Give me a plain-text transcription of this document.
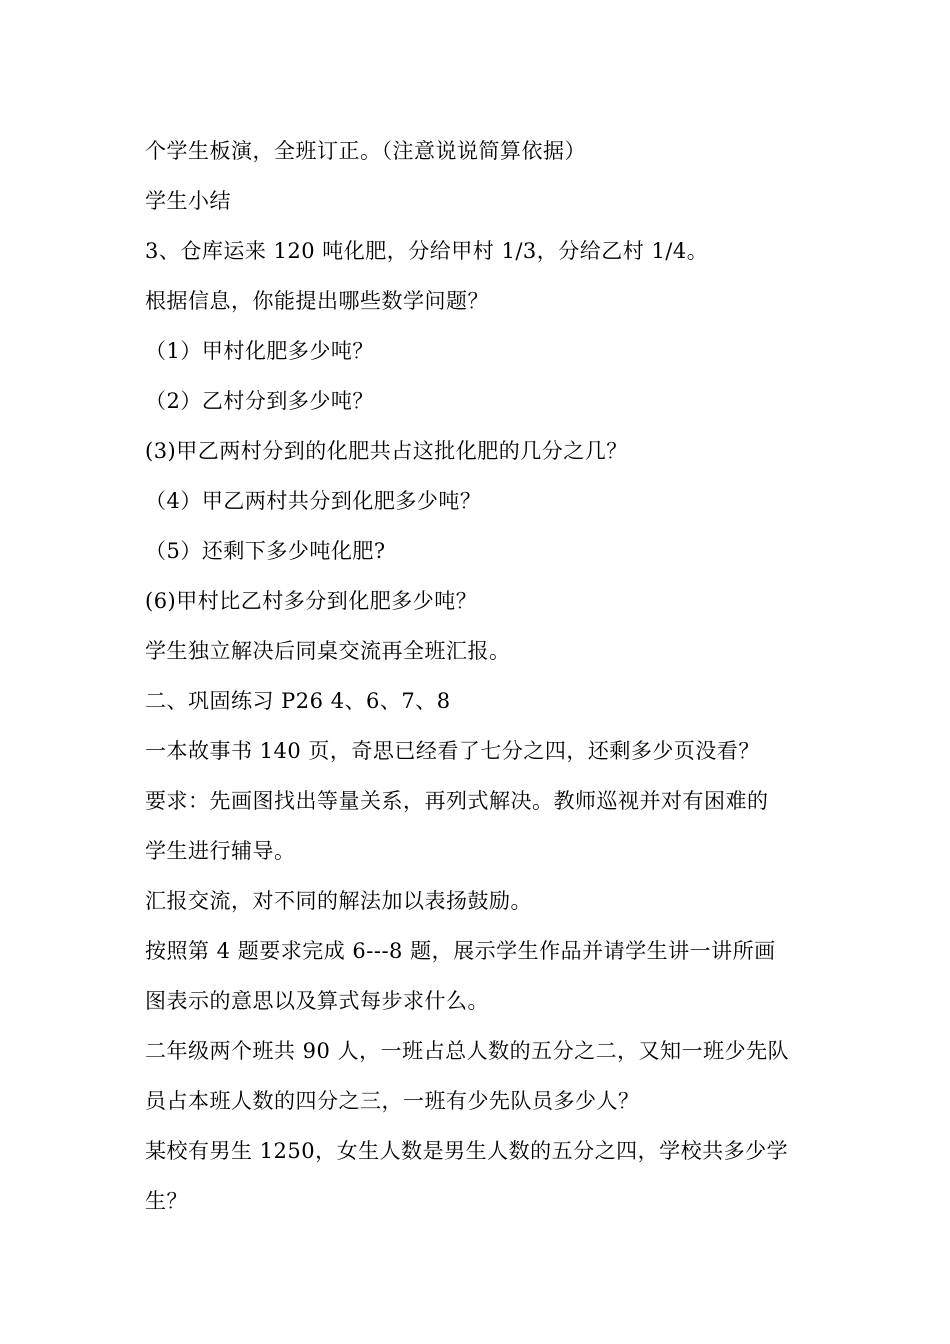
个学生板演，全班订正。（注意说说简算依据）
学生小结
3、仓库运来 120 吨化肥，分给甲村 1/3，分给乙村 1/4。
根据信息，你能提出哪些数学问题？
（1）甲村化肥多少吨？
（2）乙村分到多少吨？
(3)甲乙两村分到的化肥共占这批化肥的几分之几？
（4）甲乙两村共分到化肥多少吨？
（5）还剩下多少吨化肥?
(6)甲村比乙村多分到化肥多少吨？
学生独立解决后同桌交流再全班汇报。
二、巩固练习 P26 4、6、7、8
一本故事书 140 页，奇思已经看了七分之四，还剩多少页没看？
要求：先画图找出等量关系，再列式解决。教师巡视并对有困难的
学生进行辅导。
汇报交流，对不同的解法加以表扬鼓励。
按照第 4 题要求完成 6---8 题，展示学生作品并请学生讲一讲所画
图表示的意思以及算式每步求什么。
二年级两个班共 90 人，一班占总人数的五分之二，又知一班少先队
员占本班人数的四分之三，一班有少先队员多少人？
某校有男生 1250，女生人数是男生人数的五分之四，学校共多少学
生？
